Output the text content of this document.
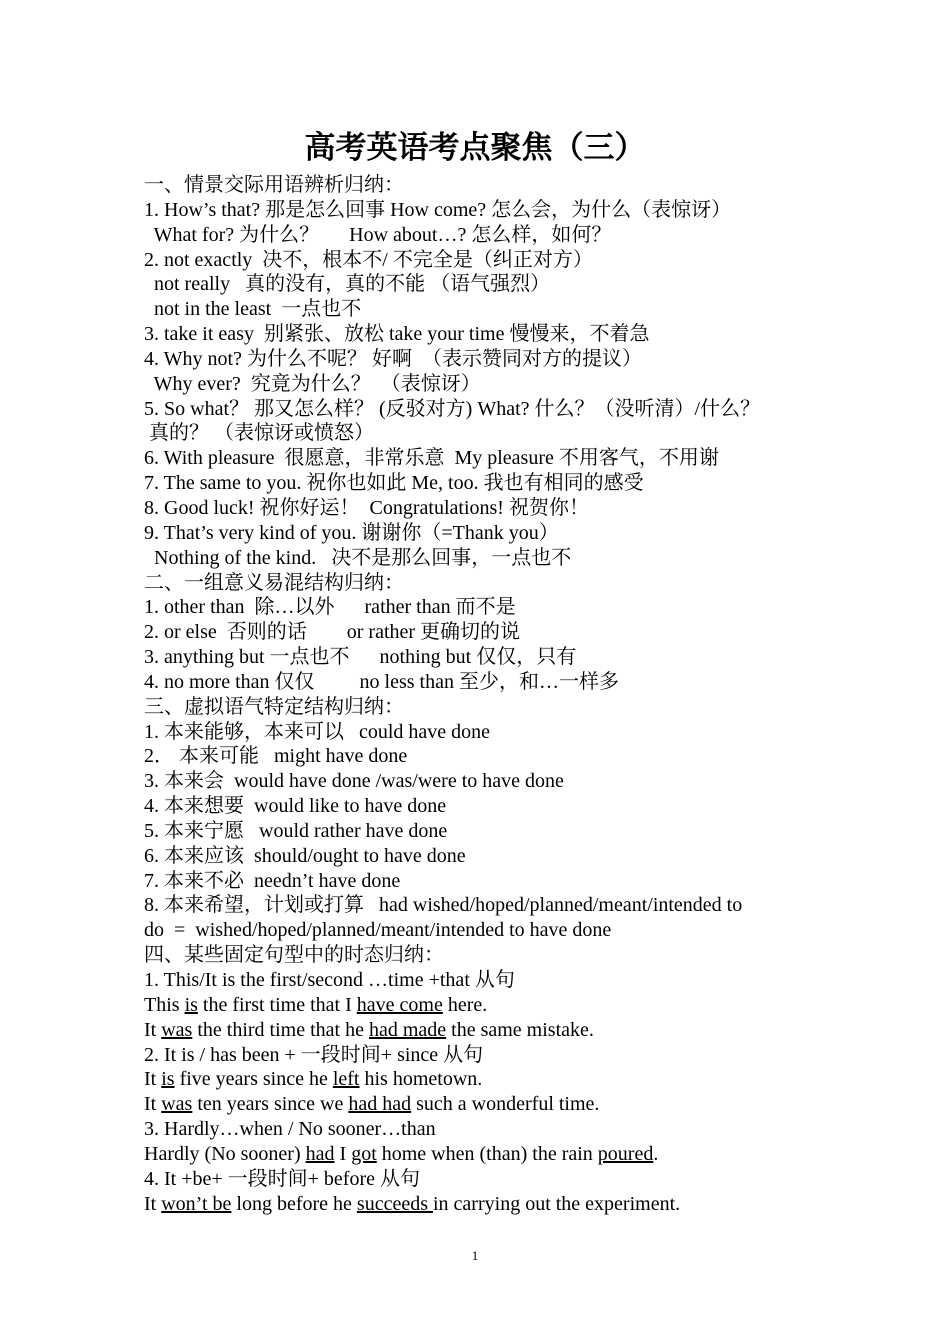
高考英语考点聚焦（三）
一、情景交际用语辨析归纳：
1. How’s that? 那是怎么回事 How come? 怎么会，为什么（表惊讶）
What for? 为什么？      How about…? 怎么样，如何？
2. not exactly  决不，根本不/ 不完全是（纠正对方）
not really   真的没有，真的不能 （语气强烈）
not in the least  一点也不
3. take it easy  别紧张、放松 take your time 慢慢来，不着急
4. Why not? 为什么不呢？ 好啊  （表示赞同对方的提议）
Why ever?  究竟为什么？  （表惊讶）
5. So what？ 那又怎么样？ (反驳对方) What? 什么？（没听清）/什么？
真的？ （表惊讶或愤怒）
6. With pleasure  很愿意，非常乐意  My pleasure 不用客气，不用谢
7. The same to you. 祝你也如此 Me, too. 我也有相同的感受
8. Good luck! 祝你好运！  Congratulations! 祝贺你！
9. That’s very kind of you. 谢谢你（=Thank you）
Nothing of the kind.   决不是那么回事，一点也不
二、一组意义易混结构归纳：
1. other than  除…以外      rather than 而不是
2. or else  否则的话        or rather 更确切的说
3. anything but 一点也不      nothing but 仅仅，只有
4. no more than 仅仅         no less than 至少，和…一样多
三、虚拟语气特定结构归纳：
1. 本来能够，本来可以   could have done
2． 本来可能   might have done
3. 本来会  would have done /was/were to have done
4. 本来想要  would like to have done
5. 本来宁愿   would rather have done
6. 本来应该  should/ought to have done
7. 本来不必  needn’t have done
8. 本来希望，计划或打算   had wished/hoped/planned/meant/intended to
do  =  wished/hoped/planned/meant/intended to have done
四、某些固定句型中的时态归纳：
1. This/It is the first/second …time +that 从句
This is the first time that I have come here.
It was the third time that he had made the same mistake.
2. It is / has been + 一段时间+ since 从句
It is five years since he left his hometown.
It was ten years since we had had such a wonderful time.
3. Hardly…when / No sooner…than
Hardly (No sooner) had I got home when (than) the rain poured.
4. It +be+ 一段时间+ before 从句
It won’t be long before he succeeds in carrying out the experiment.
1
